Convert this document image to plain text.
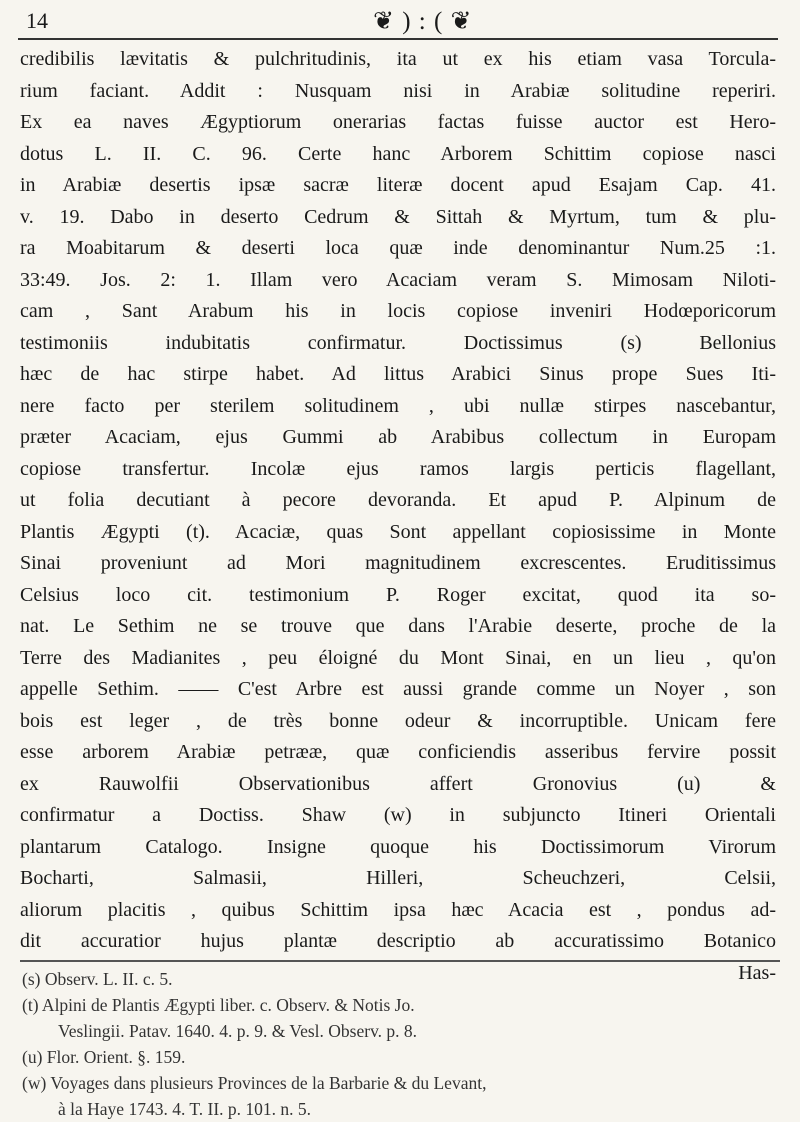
14	❦ ) : ( ❦
credibilis lævitatis & pulchritudinis, ita ut ex his etiam vasa Torcula-
rium faciant. Addit : Nusquam nisi in Arabiæ solitudine reperiri.
Ex ea naves Ægyptiorum onerarias factas fuisse auctor est Hero-
dotus L. II. C. 96. Certe hanc Arborem Schittim copiose nasci
in Arabiæ desertis ipsæ sacræ literæ docent apud Esajam Cap. 41.
v. 19. Dabo in deserto Cedrum & Sittah & Myrtum, tum & plu-
ra Moabitarum & deserti loca quæ inde denominantur Num.25 :1.
33:49. Jos. 2: 1. Illam vero Acaciam veram S. Mimosam Niloti-
cam , Sant Arabum his in locis copiose inveniri Hodœporicorum
testimoniis indubitatis confirmatur. Doctissimus (s) Bellonius
hæc de hac stirpe habet. Ad littus Arabici Sinus prope Sues Iti-
nere facto per sterilem solitudinem , ubi nullæ stirpes nascebantur,
præter Acaciam, ejus Gummi ab Arabibus collectum in Europam
copiose transfertur. Incolæ ejus ramos largis perticis flagellant,
ut folia decutiant à pecore devoranda. Et apud P. Alpinum de
Plantis Ægypti (t). Acaciæ, quas Sont appellant copiosissime in Monte
Sinai proveniunt ad Mori magnitudinem excrescentes. Eruditissimus
Celsius loco cit. testimonium P. Roger excitat, quod ita so-
nat. Le Sethim ne se trouve que dans l'Arabie deserte, proche de la
Terre des Madianites , peu éloigné du Mont Sinai, en un lieu , qu'on
appelle Sethim. —— C'est Arbre est aussi grande comme un Noyer , son
bois est leger , de très bonne odeur & incorruptible. Unicam fere
esse arborem Arabiæ petrææ, quæ conficiendis asseribus fervire possit
ex Rauwolfii Observationibus affert Gronovius (u) &
confirmatur a Doctiss. Shaw (w) in subjuncto Itineri Orientali
plantarum Catalogo. Insigne quoque his Doctissimorum Virorum
Bocharti, Salmasii, Hilleri, Scheuchzeri, Celsii,
aliorum placitis , quibus Schittim ipsa hæc Acacia est , pondus ad-
dit accuratior hujus plantæ descriptio ab accuratissimo Botanico
Has-
(s) Observ. L. II. c. 5.
(t) Alpini de Plantis Ægypti liber. c. Observ. & Notis Jo.
Veslingii. Patav. 1640. 4. p. 9. & Vesl. Observ. p. 8.
(u) Flor. Orient. §. 159.
(w) Voyages dans plusieurs Provinces de la Barbarie & du Levant,
à la Haye 1743. 4. T. II. p. 101. n. 5.
